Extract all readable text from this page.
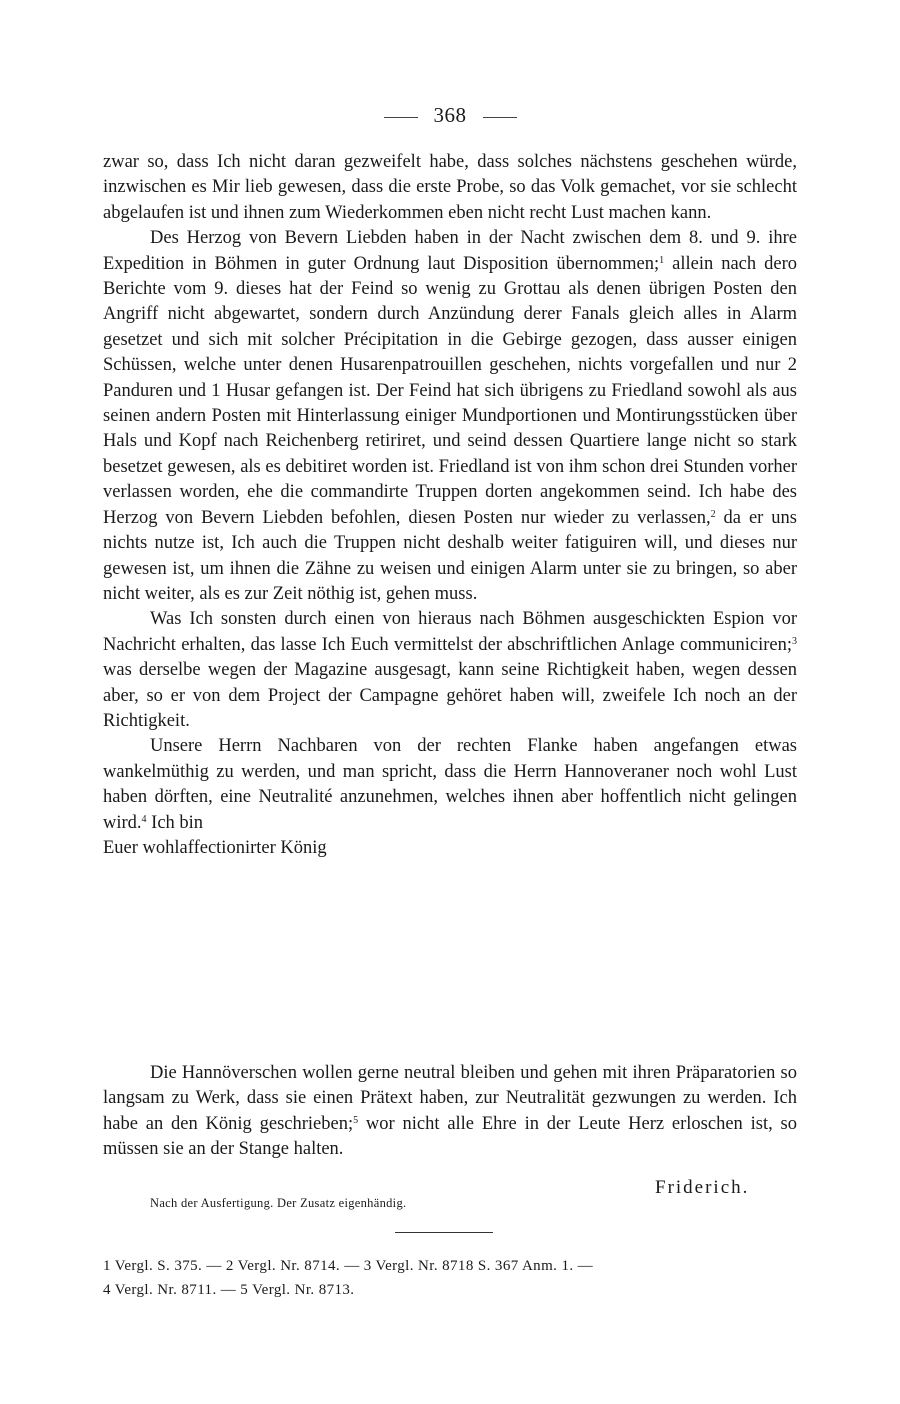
368

zwar so, dass Ich nicht daran gezweifelt habe, dass solches nächstens geschehen würde, inzwischen es Mir lieb gewesen, dass die erste Probe, so das Volk gemachet, vor sie schlecht abgelaufen ist und ihnen zum Wiederkommen eben nicht recht Lust machen kann.

Des Herzog von Bevern Liebden haben in der Nacht zwischen dem 8. und 9. ihre Expedition in Böhmen in guter Ordnung laut Disposition übernommen;$^1$ allein nach dero Berichte vom 9. dieses hat der Feind so wenig zu Grottau als denen übrigen Posten den Angriff nicht abgewartet, sondern durch Anzündung derer Fanals gleich alles in Alarm gesetzet und sich mit solcher Précipitation in die Gebirge gezogen, dass ausser einigen Schüssen, welche unter denen Husarenpatrouillen geschehen, nichts vorgefallen und nur 2 Panduren und 1 Husar gefangen ist. Der Feind hat sich übrigens zu Friedland sowohl als aus seinen andern Posten mit Hinterlassung einiger Mundportionen und Montirungsstücken über Hals und Kopf nach Reichenberg retiriret, und seind dessen Quartiere lange nicht so stark besetzet gewesen, als es debitiret worden ist. Friedland ist von ihm schon drei Stunden vorher verlassen worden, ehe die commandirte Truppen dorten angekommen seind. Ich habe des Herzog von Bevern Liebden befohlen, diesen Posten nur wieder zu verlassen,$^2$ da er uns nichts nutze ist, Ich auch die Truppen nicht deshalb weiter fatiguiren will, und dieses nur gewesen ist, um ihnen die Zähne zu weisen und einigen Alarm unter sie zu bringen, so aber nicht weiter, als es zur Zeit nöthig ist, gehen muss.

Was Ich sonsten durch einen von hieraus nach Böhmen ausgeschickten Espion vor Nachricht erhalten, das lasse Ich Euch vermittelst der abschriftlichen Anlage communiciren;$^3$ was derselbe wegen der Magazine ausgesagt, kann seine Richtigkeit haben, wegen dessen aber, so er von dem Project der Campagne gehöret haben will, zweifele Ich noch an der Richtigkeit.

Unsere Herrn Nachbaren von der rechten Flanke haben angefangen etwas wankelmüthig zu werden, und man spricht, dass die Herrn Hannoveraner noch wohl Lust haben dörften, eine Neutralité anzunehmen, welches ihnen aber hoffentlich nicht gelingen wird.$^4$ Ich bin
Euer wohlaffectionirter König

Die Hannöverschen wollen gerne neutral bleiben und gehen mit ihren Präparatorien so langsam zu Werk, dass sie einen Prätext haben, zur Neutralität gezwungen zu werden. Ich habe an den König geschrieben;$^5$ wor nicht alle Ehre in der Leute Herz erloschen ist, so müssen sie an der Stange halten.

Friderich.
Nach der Ausfertigung. Der Zusatz eigenhändig.
1 Vergl. S. 375. — 2 Vergl. Nr. 8714. — 3 Vergl. Nr. 8718 S. 367 Anm. 1. —
4 Vergl. Nr. 8711. — 5 Vergl. Nr. 8713.
